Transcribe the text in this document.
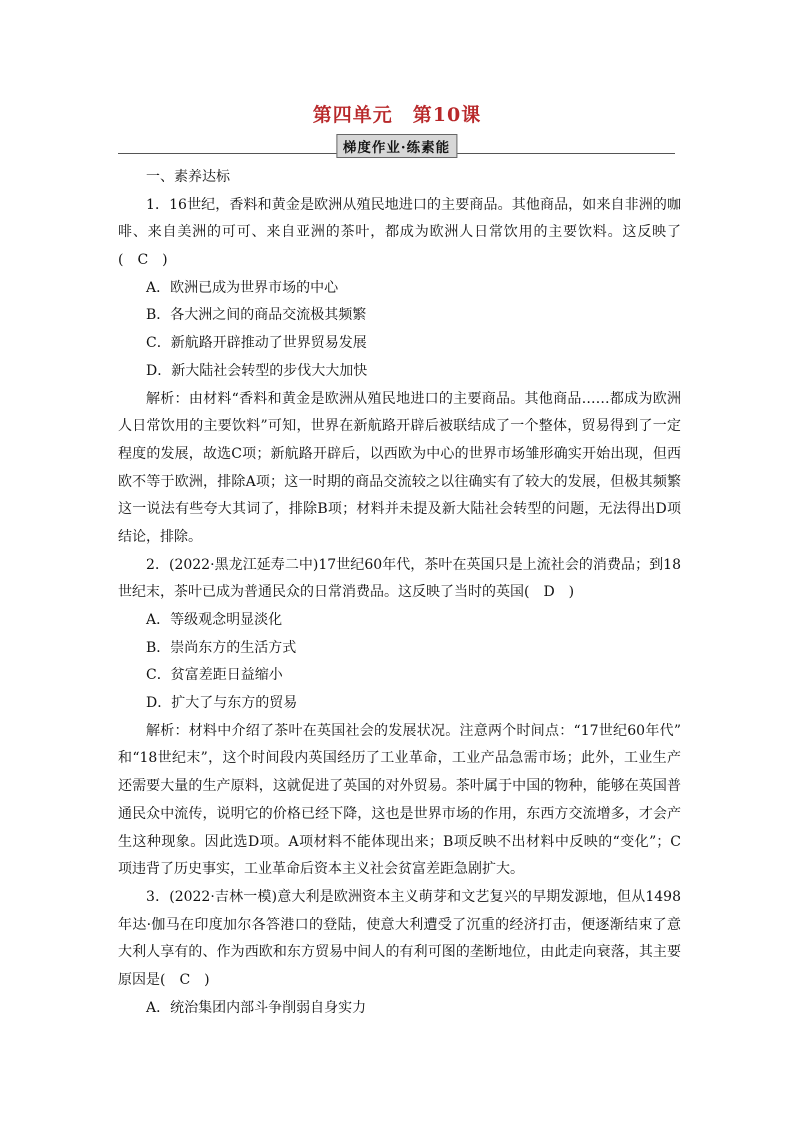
第四单元　第10课
梯度作业·练素能
一、素养达标
1．16世纪，香料和黄金是欧洲从殖民地进口的主要商品。其他商品，如来自非洲的咖
啡、来自美洲的可可、来自亚洲的茶叶，都成为欧洲人日常饮用的主要饮料。这反映了
(　C　)
A．欧洲已成为世界市场的中心
B．各大洲之间的商品交流极其频繁
C．新航路开辟推动了世界贸易发展
D．新大陆社会转型的步伐大大加快
解析：由材料“香料和黄金是欧洲从殖民地进口的主要商品。其他商品……都成为欧洲
人日常饮用的主要饮料”可知，世界在新航路开辟后被联结成了一个整体，贸易得到了一定
程度的发展，故选C项；新航路开辟后，以西欧为中心的世界市场雏形确实开始出现，但西
欧不等于欧洲，排除A项；这一时期的商品交流较之以往确实有了较大的发展，但极其频繁
这一说法有些夸大其词了，排除B项；材料并未提及新大陆社会转型的问题，无法得出D项
结论，排除。
2．(2022·黑龙江延寿二中)17世纪60年代，茶叶在英国只是上流社会的消费品；到18
世纪末，茶叶已成为普通民众的日常消费品。这反映了当时的英国(　D　)
A．等级观念明显淡化
B．崇尚东方的生活方式
C．贫富差距日益缩小
D．扩大了与东方的贸易
解析：材料中介绍了茶叶在英国社会的发展状况。注意两个时间点：“17世纪60年代”
和“18世纪末”，这个时间段内英国经历了工业革命，工业产品急需市场；此外，工业生产
还需要大量的生产原料，这就促进了英国的对外贸易。茶叶属于中国的物种，能够在英国普
通民众中流传，说明它的价格已经下降，这也是世界市场的作用，东西方交流增多，才会产
生这种现象。因此选D项。A项材料不能体现出来；B项反映不出材料中反映的“变化”；C
项违背了历史事实，工业革命后资本主义社会贫富差距急剧扩大。
3．(2022·吉林一模)意大利是欧洲资本主义萌芽和文艺复兴的早期发源地，但从1498
年达·伽马在印度加尔各答港口的登陆，使意大利遭受了沉重的经济打击，便逐渐结束了意
大利人享有的、作为西欧和东方贸易中间人的有利可图的垄断地位，由此走向衰落，其主要
原因是(　C　)
A．统治集团内部斗争削弱自身实力
